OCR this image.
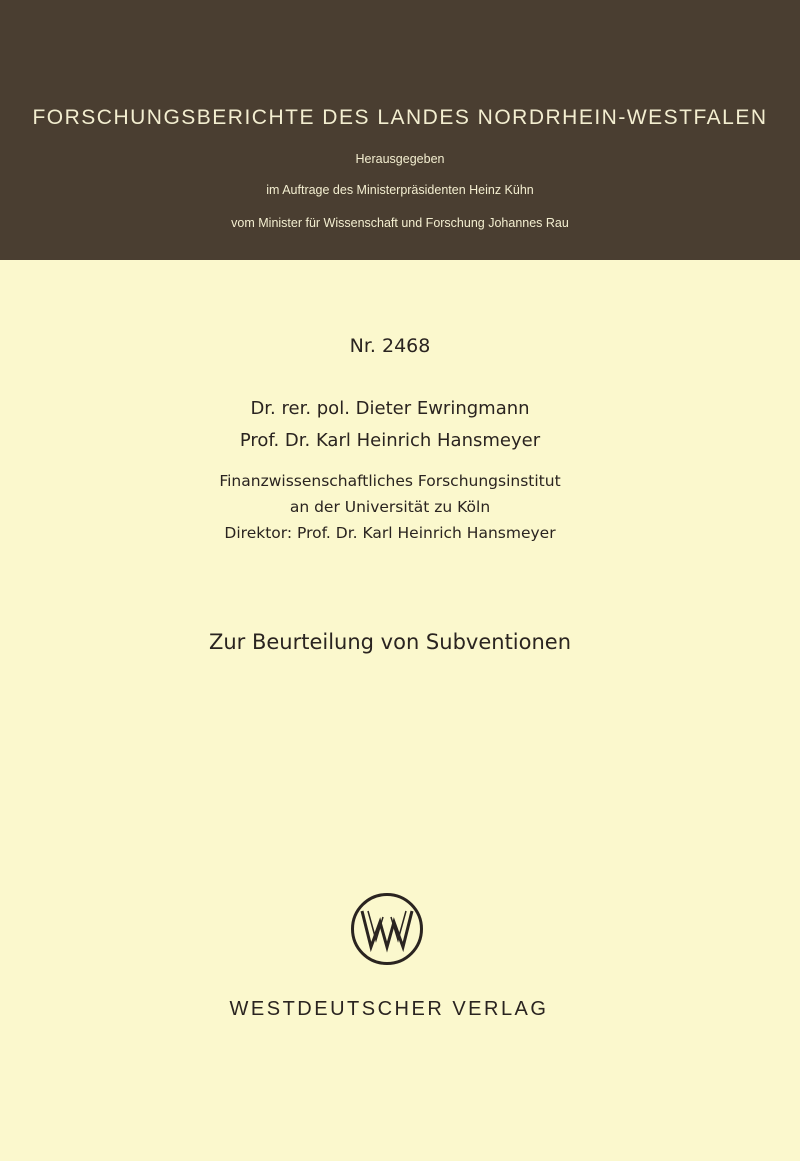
FORSCHUNGSBERICHTE DES LANDES NORDRHEIN-WESTFALEN
Herausgegeben
im Auftrage des Ministerpräsidenten Heinz Kühn
vom Minister für Wissenschaft und Forschung Johannes Rau
Nr. 2468
Dr. rer. pol. Dieter Ewringmann
Prof. Dr. Karl Heinrich Hansmeyer
Finanzwissenschaftliches Forschungsinstitut
an der Universität zu Köln
Direktor: Prof. Dr. Karl Heinrich Hansmeyer
Zur Beurteilung von Subventionen
WESTDEUTSCHER VERLAG
